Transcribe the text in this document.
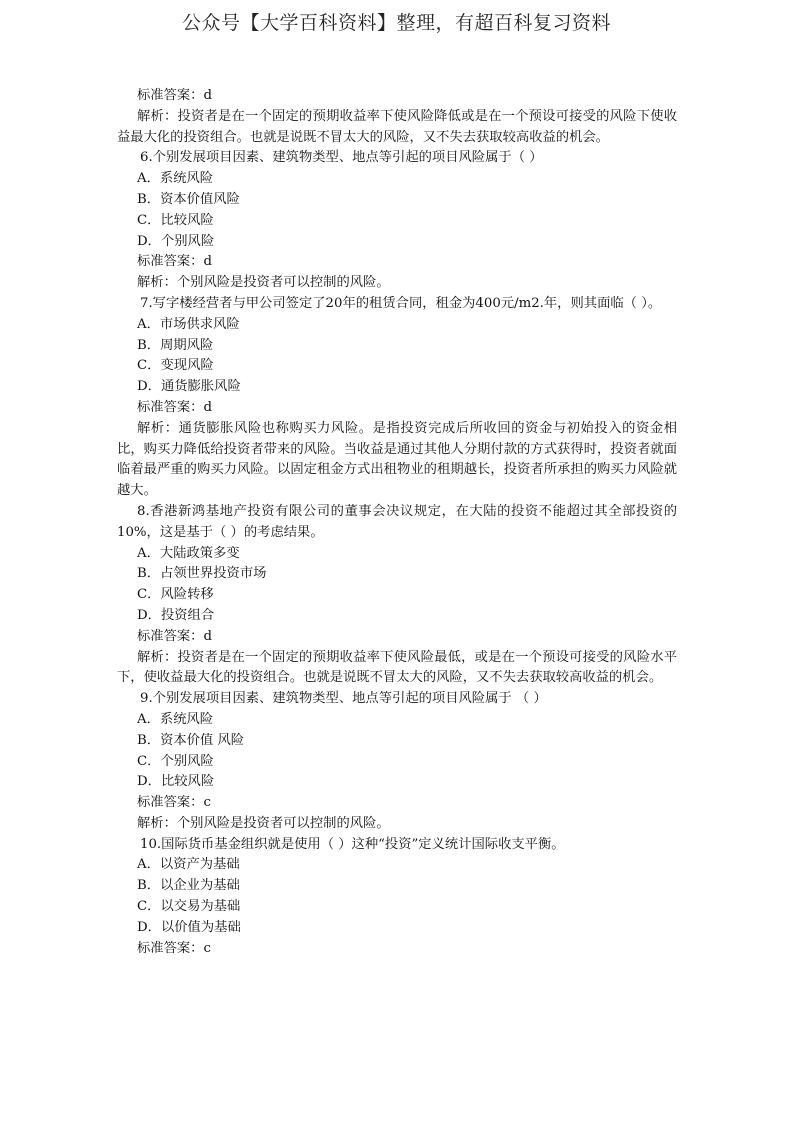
公众号【大学百科资料】整理，有超百科复习资料
标准答案：d
解析：投资者是在一个固定的预期收益率下使风险降低或是在一个预设可接受的风险下使收益最大化的投资组合。也就是说既不冒太大的风险，又不失去获取较高收益的机会。
6.个别发展项目因素、建筑物类型、地点等引起的项目风险属于（ ）
A．系统风险
B．资本价值风险
C．比较风险
D．个别风险
标准答案：d
解析：个别风险是投资者可以控制的风险。
7.写字楼经营者与甲公司签定了20年的租赁合同，租金为400元/m2.年，则其面临（ ）。
A．市场供求风险
B．周期风险
C．变现风险
D．通货膨胀风险
标准答案：d
解析：通货膨胀风险也称购买力风险。是指投资完成后所收回的资金与初始投入的资金相比，购买力降低给投资者带来的风险。当收益是通过其他人分期付款的方式获得时，投资者就面临着最严重的购买力风险。以固定租金方式出租物业的租期越长，投资者所承担的购买力风险就越大。
8.香港新鸿基地产投资有限公司的董事会决议规定，在大陆的投资不能超过其全部投资的10%，这是基于（ ）的考虑结果。
A．大陆政策多变
B．占领世界投资市场
C．风险转移
D．投资组合
标准答案：d
解析：投资者是在一个固定的预期收益率下使风险最低，或是在一个预设可接受的风险水平下，使收益最大化的投资组合。也就是说既不冒太大的风险，又不失去获取较高收益的机会。
9.个别发展项目因素、建筑物类型、地点等引起的项目风险属于 （ ）
A．系统风险
B．资本价值 风险
C．个别风险
D．比较风险
标准答案：c
解析：个别风险是投资者可以控制的风险。
10.国际货币基金组织就是使用（ ）这种“投资”定义统计国际收支平衡。
A．以资产为基础
B．以企业为基础
C．以交易为基础
D．以价值为基础
标准答案：c
